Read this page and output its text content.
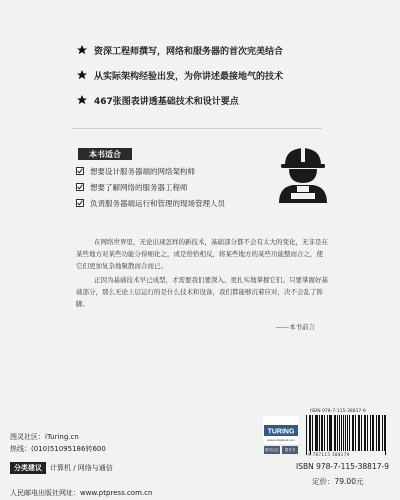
资深工程师撰写，网络和服务器的首次完美结合
从实际架构经验出发，为你讲述最接地气的技术
467张图表讲透基础技术和设计要点
本书适合
想要设计服务器端的网络架构师
想要了解网络的服务器工程师
负责服务器端运行和管理的现场管理人员

在网络世界里，无论出现怎样的新技术，基础部分都不会有太大的变化，无非是在某些地方对某些功能分得细化之，或是恰恰相反，将某些地方的某些功能整而合之，使它们更加复杂地聚散而合而已。

正因为基础技术早已成型，才需要我们要深入、更扎实地掌握它们。只要掌握好基础部分，那么无论上层运行的是什么技术和设备，我们都能够沉着应对，决不会乱了阵脚。

——本书前言
TURING
www.turingbook.com
图灵社区	图灵书
ISBN 978-7-115-38817-9
9 787115 388179
ISBN 978-7-115-38817-9
定价：79.00元
图灵社区：iTuring.cn
热线：(010)51095186转600
分类建议	计算机 / 网络与通信
人民邮电出版社网址：www.ptpress.com.cn
